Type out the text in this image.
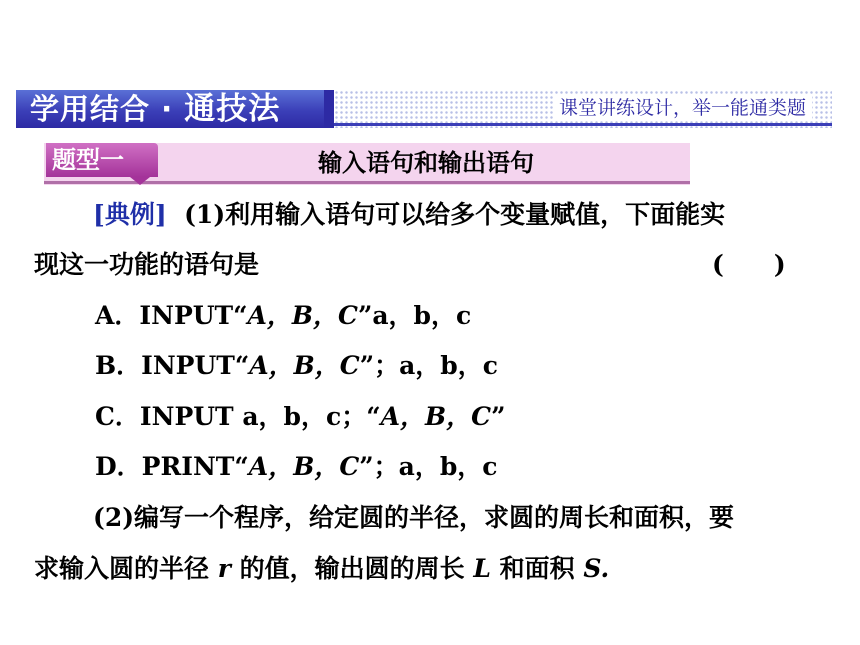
学用结合 · 通技法	课堂讲练设计，举一能通类题
题型一	输入语句和输出语句
[典例] (1)利用输入语句可以给多个变量赋值，下面能实
现这一功能的语句是	(　　)
A．INPUT“A，B，C”a，b，c
B．INPUT“A，B，C”；a，b，c
C．INPUT a，b，c；“A，B，C”
D．PRINT“A，B，C”；a，b，c
(2)编写一个程序，给定圆的半径，求圆的周长和面积，要
求输入圆的半径 r 的值，输出圆的周长 L 和面积 S.
